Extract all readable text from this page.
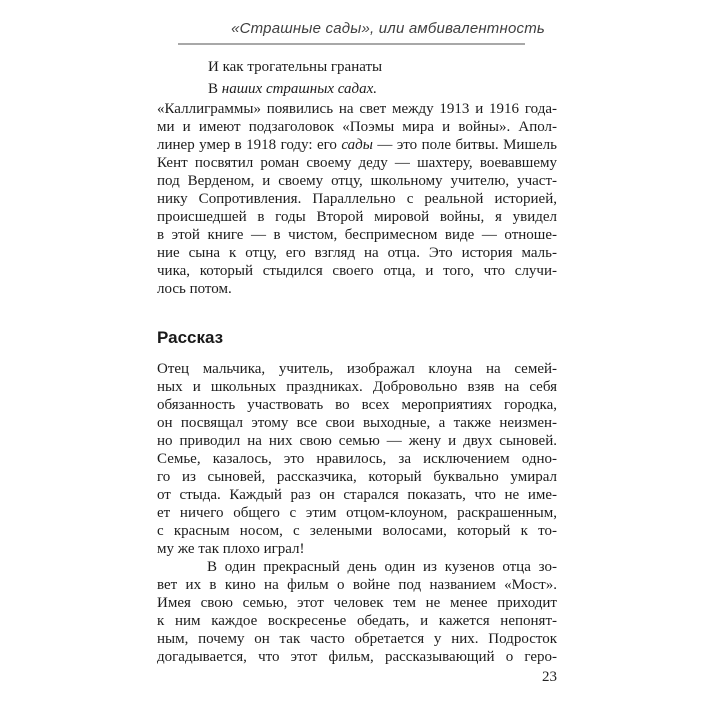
«Страшные сады», или амбивалентность
И как трогательны гранаты
В наших страшных садах.
«Каллиграммы» появились на свет между 1913 и 1916 года-
ми и имеют подзаголовок «Поэмы мира и войны». Апол-
линер умер в 1918 году: его сады — это поле битвы. Мишель
Кент посвятил роман своему деду — шахтеру, воевавшему
под Верденом, и своему отцу, школьному учителю, участ-
нику Сопротивления. Параллельно с реальной историей,
происшедшей в годы Второй мировой войны, я увидел
в этой книге — в чистом, беспримесном виде — отноше-
ние сына к отцу, его взгляд на отца. Это история маль-
чика, который стыдился своего отца, и того, что случи-
лось потом.
Рассказ
Отец мальчика, учитель, изображал клоуна на семей-
ных и школьных праздниках. Добровольно взяв на себя
обязанность участвовать во всех мероприятиях городка,
он посвящал этому все свои выходные, а также неизмен-
но приводил на них свою семью — жену и двух сыновей.
Семье, казалось, это нравилось, за исключением одно-
го из сыновей, рассказчика, который буквально умирал
от стыда. Каждый раз он старался показать, что не име-
ет ничего общего с этим отцом-клоуном, раскрашенным,
с красным носом, с зелеными волосами, который к то-
му же так плохо играл!
В один прекрасный день один из кузенов отца зо-
вет их в кино на фильм о войне под названием «Мост».
Имея свою семью, этот человек тем не менее приходит
к ним каждое воскресенье обедать, и кажется непонят-
ным, почему он так часто обретается у них. Подросток
догадывается, что этот фильм, рассказывающий о геро-
23
